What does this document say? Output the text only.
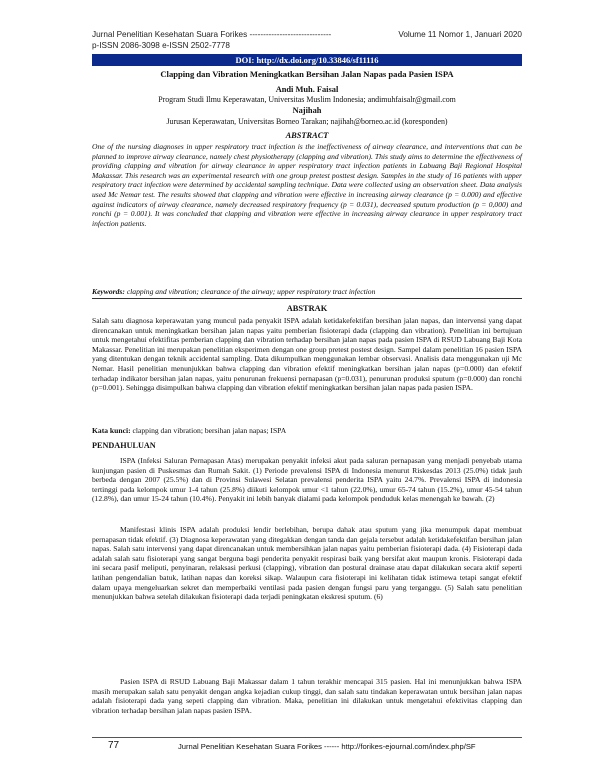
Jurnal Penelitian Kesehatan Suara Forikes ------------------------------	Volume 11 Nomor 1, Januari 2020
p-ISSN 2086-3098 e-ISSN 2502-7778
DOI: http://dx.doi.org/10.33846/sf11116
Clapping dan Vibration Meningkatkan Bersihan Jalan Napas pada Pasien ISPA
Andi Muh. Faisal
Program Studi Ilmu Keperawatan, Universitas Muslim Indonesia; andimuhfaisalr@gmail.com
Najihah
Jurusan Keperawatan, Universitas Borneo Tarakan; najihah@borneo.ac.id (koresponden)
ABSTRACT
One of the nursing diagnoses in upper respiratory tract infection is the ineffectiveness of airway clearance, and interventions that can be planned to improve airway clearance, namely chest physiotherapy (clapping and vibration). This study aims to determine the effectiveness of providing clapping and vibration for airway clearance in upper respiratory tract infection patients in Labuang Baji Regional Hospital Makassar. This research was an experimental research with one group pretest posttest design. Samples in the study of 16 patients with upper respiratory tract infection were determined by accidental sampling technique. Data were collected using an observation sheet. Data analysis used Mc Nemar test. The results showed that clapping and vibration were effective in increasing airway clearance (p = 0.000) and effective against indicators of airway clearance, namely decreased respiratory frequency (p = 0.031), decreased sputum production (p = 0,000) and ronchi (p = 0.001). It was concluded that clapping and vibration were effective in increasing airway clearance in upper respiratory tract infection patients.
Keywords: clapping and vibration; clearance of the airway; upper respiratory tract infection
ABSTRAK
Salah satu diagnosa keperawatan yang muncul pada penyakit ISPA adalah ketidakefektifan bersihan jalan napas, dan intervensi yang dapat direncanakan untuk meningkatkan bersihan jalan napas yaitu pemberian fisioterapi dada (clapping dan vibration). Penelitian ini bertujuan untuk mengetahui efektifitas pemberian clapping dan vibration terhadap bersihan jalan napas pada pasien ISPA di RSUD Labuang Baji Kota Makassar. Penelitian ini merupakan penelitian eksperimen dengan one group pretest postest design. Sampel dalam penelitian 16 pasien ISPA yang ditentukan dengan teknik accidental sampling. Data dikumpulkan menggunakan lembar observasi. Analisis data menggunakan uji Mc Nemar. Hasil penelitian menunjukkan bahwa clapping dan vibration efektif meningkatkan bersihan jalan napas (p=0.000) dan efektif terhadap indikator bersihan jalan napas, yaitu penurunan frekuensi pernapasan (p=0.031), penurunan produksi sputum (p=0.000) dan ronchi (p=0.001). Sehingga disimpulkan bahwa clapping dan vibration efektif meningkatkan bersihan jalan napas pada pasien ISPA.
Kata kunci: clapping dan vibration; bersihan jalan napas; ISPA
PENDAHULUAN
ISPA (Infeksi Saluran Pernapasan Atas) merupakan penyakit infeksi akut pada saluran pernapasan yang menjadi penyebab utama kunjungan pasien di Puskesmas dan Rumah Sakit. (1) Periode prevalensi ISPA di Indonesia menurut Riskesdas 2013 (25.0%) tidak jauh berbeda dengan 2007 (25.5%) dan di Provinsi Sulawesi Selatan prevalensi penderita ISPA yaitu 24.7%. Prevalensi ISPA di indonesia tertinggi pada kelompok umur 1-4 tahun (25.8%) diikuti kelompok umur <1 tahun (22.0%), umur 65-74 tahun (15.2%), umur 45-54 tahun (12.8%), dan umur 15-24 tahun (10.4%). Penyakit ini lebih banyak dialami pada kelompok penduduk kelas menengah ke bawah. (2)
Manifestasi klinis ISPA adalah produksi lendir berlebihan, berupa dahak atau sputum yang jika menumpuk dapat membuat pernapasan tidak efektif. (3) Diagnosa keperawatan yang ditegakkan dengan tanda dan gejala tersebut adalah ketidakefektifan bersihan jalan napas. Salah satu intervensi yang dapat direncanakan untuk membersihkan jalan napas yaitu pemberian fisioterapi dada. (4) Fisioterapi dada adalah salah satu fisioterapi yang sangat berguna bagi penderita penyakit respirasi baik yang bersifat akut maupun kronis. Fisioterapi dada ini secara pasif meliputi, penyinaran, relaksasi perkusi (clapping), vibration dan postural drainase atau dapat dilakukan secara aktif seperti latihan pengendalian batuk, latihan napas dan koreksi sikap. Walaupun cara fisioterapi ini kelihatan tidak istimewa tetapi sangat efektif dalam upaya mengeluarkan sekret dan memperbaiki ventilasi pada pasien dengan fungsi paru yang terganggu. (5) Salah satu penelitian menunjukkan bahwa setelah dilakukan fisioterapi dada terjadi peningkatan ekskresi sputum. (6)
Pasien ISPA di RSUD Labuang Baji Makassar dalam 1 tahun terakhir mencapai 315 pasien. Hal ini menunjukkan bahwa ISPA masih merupakan salah satu penyakit dengan angka kejadian cukup tinggi, dan salah satu tindakan keperawatan untuk bersihan jalan napas adalah fisioterapi dada yang sepeti clapping dan vibration. Maka, penelitian ini dilakukan untuk mengetahui efektivitas clapping dan vibration terhadap bersihan jalan napas pasien ISPA.
77	Jurnal Penelitian Kesehatan Suara Forikes ------ http://forikes-ejournal.com/index.php/SF
